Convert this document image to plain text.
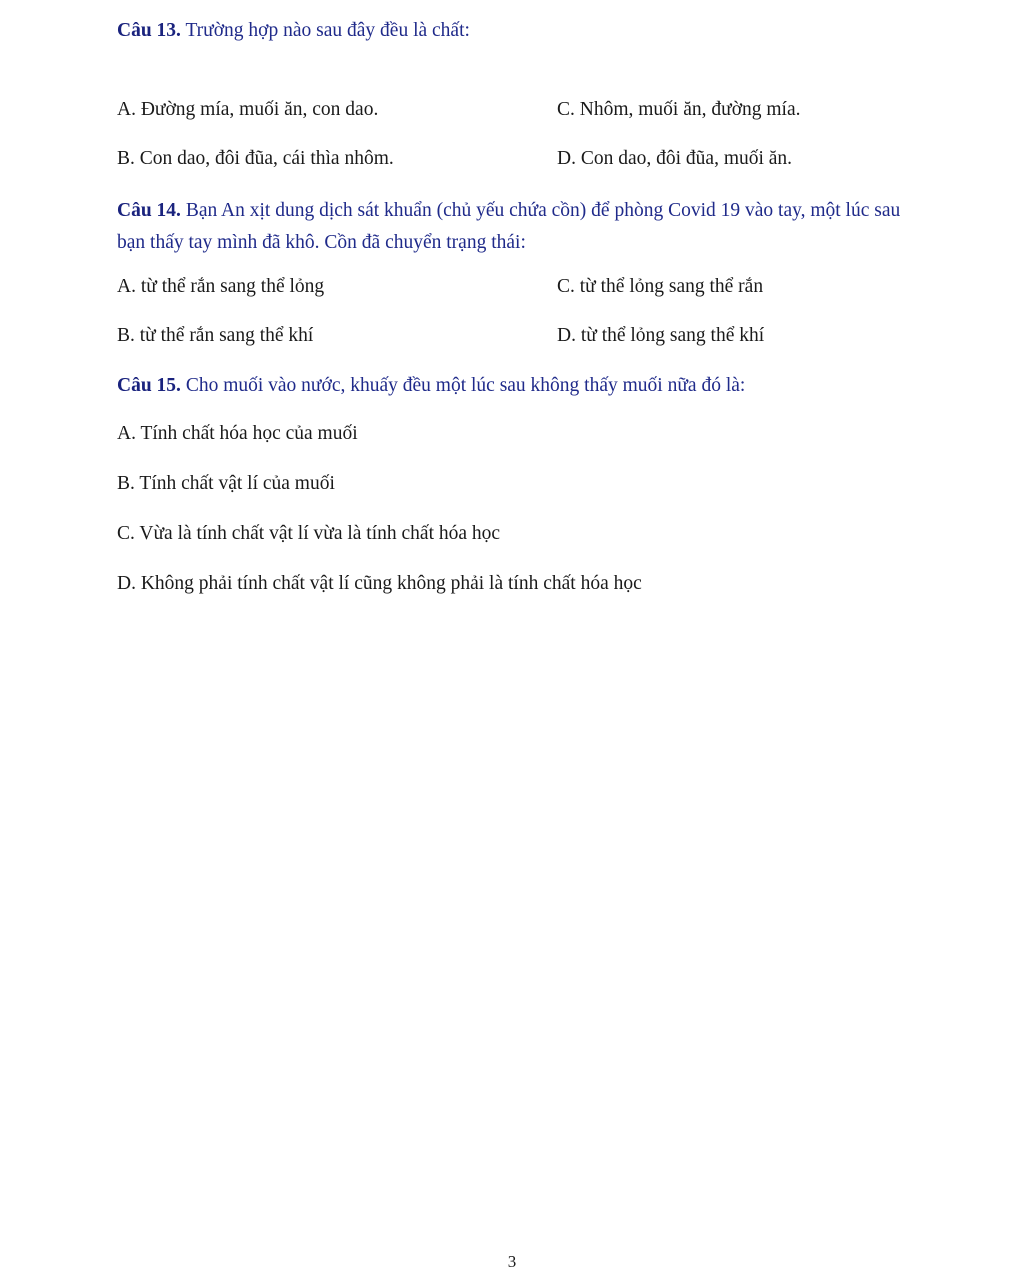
Câu 13. Trường hợp nào sau đây đều là chất:
A. Đường mía, muối ăn, con dao.	C. Nhôm, muối ăn, đường mía.
B. Con dao, đôi đũa, cái thìa nhôm.	D. Con dao, đôi đũa, muối ăn.
Câu 14. Bạn An xịt dung dịch sát khuẩn (chủ yếu chứa cồn) để phòng Covid 19 vào tay, một lúc sau bạn thấy tay mình đã khô. Cồn đã chuyển trạng thái:
A. từ thể rắn sang thể lỏng	C. từ thể lỏng sang thể rắn
B. từ thể rắn sang thể khí	D. từ thể lỏng sang thể khí
Câu 15. Cho muối vào nước, khuấy đều một lúc sau không thấy muối nữa đó là:
A. Tính chất hóa học của muối
B. Tính chất vật lí của muối
C. Vừa là tính chất vật lí vừa là tính chất hóa học
D. Không phải tính chất vật lí cũng không phải là tính chất hóa học
3
